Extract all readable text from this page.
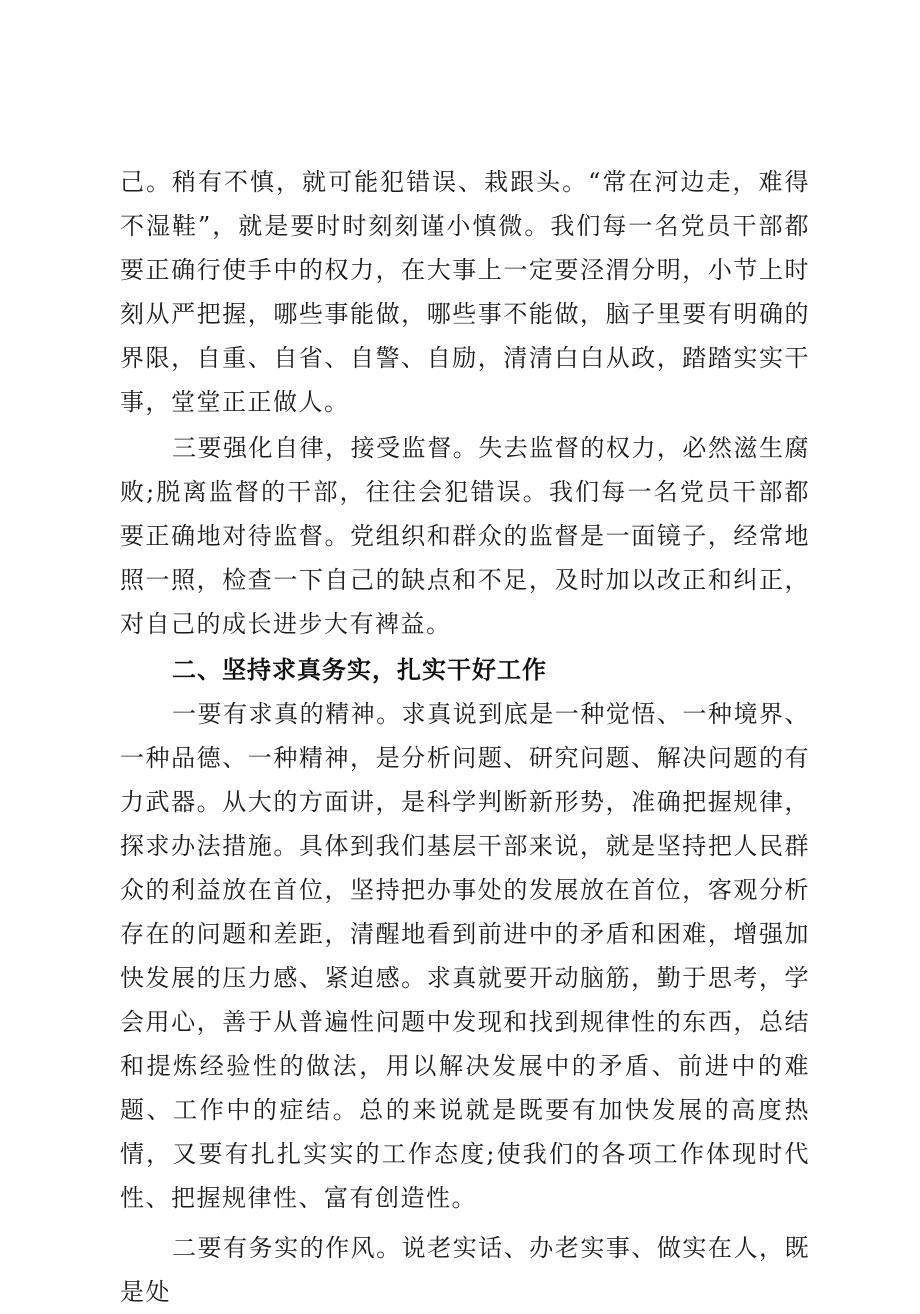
己。稍有不慎，就可能犯错误、栽跟头。“常在河边走，难得不湿鞋”，就是要时时刻刻谨小慎微。我们每一名党员干部都要正确行使手中的权力，在大事上一定要泾渭分明，小节上时刻从严把握，哪些事能做，哪些事不能做，脑子里要有明确的界限，自重、自省、自警、自励，清清白白从政，踏踏实实干事，堂堂正正做人。

三要强化自律，接受监督。失去监督的权力，必然滋生腐败;脱离监督的干部，往往会犯错误。我们每一名党员干部都要正确地对待监督。党组织和群众的监督是一面镜子，经常地照一照，检查一下自己的缺点和不足，及时加以改正和纠正，对自己的成长进步大有裨益。

二、坚持求真务实，扎实干好工作

一要有求真的精神。求真说到底是一种觉悟、一种境界、一种品德、一种精神，是分析问题、研究问题、解决问题的有力武器。从大的方面讲，是科学判断新形势，准确把握规律，探求办法措施。具体到我们基层干部来说，就是坚持把人民群众的利益放在首位，坚持把办事处的发展放在首位，客观分析存在的问题和差距，清醒地看到前进中的矛盾和困难，增强加快发展的压力感、紧迫感。求真就要开动脑筋，勤于思考，学会用心，善于从普遍性问题中发现和找到规律性的东西，总结和提炼经验性的做法，用以解决发展中的矛盾、前进中的难题、工作中的症结。总的来说就是既要有加快发展的高度热情，又要有扎扎实实的工作态度;使我们的各项工作体现时代性、把握规律性、富有创造性。

二要有务实的作风。说老实话、办老实事、做实在人，既是处
